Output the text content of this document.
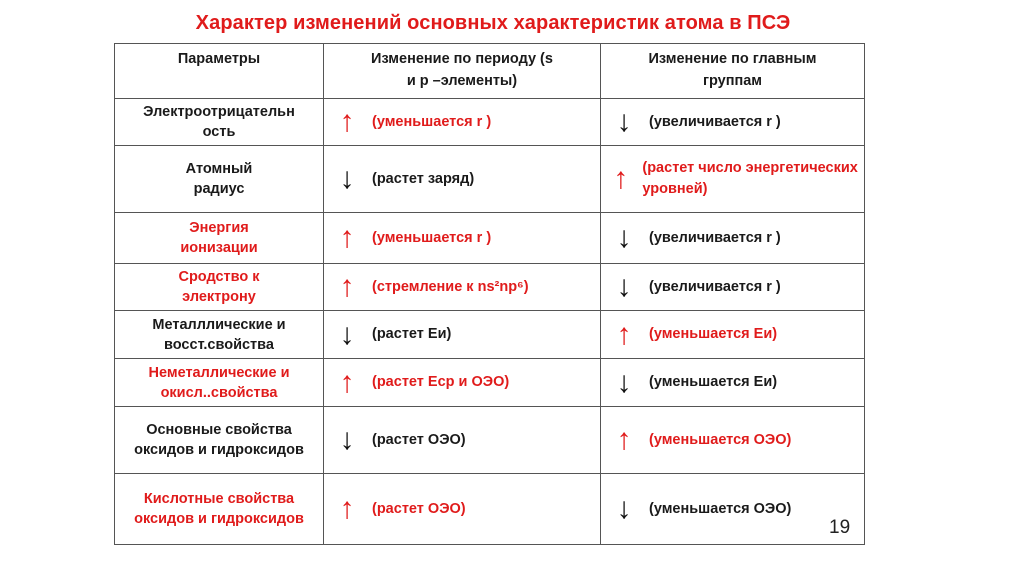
Характер изменений основных характеристик атома в ПСЭ
Параметры	Изменение по периоду (s и p –элементы)	Изменение по главным группам

Электроотрицательн ость	↑ (уменьшается r )	↓ (увеличивается r )

Атомный радиус	↓ (растет заряд)	↑ (растет число энергетических уровней)

Энергия ионизации	↑ (уменьшается r )	↓ (увеличивается r )

Сродство к электрону	↑ (стремление к ns²np⁶)	↓ (увеличивается r )

Металллические и восст.свойства	↓ (растет Еи)	↑ (уменьшается Еи)

Неметаллические и окисл..свойства	↑ (растет Еср и ОЭО)	↓ (уменьшается Еи)

Основные свойства оксидов и гидроксидов	↓ (растет ОЭО)	↑ (уменьшается ОЭО)

Кислотные свойства оксидов и гидроксидов	↑ (растет ОЭО)	↓ (уменьшается ОЭО)
19
